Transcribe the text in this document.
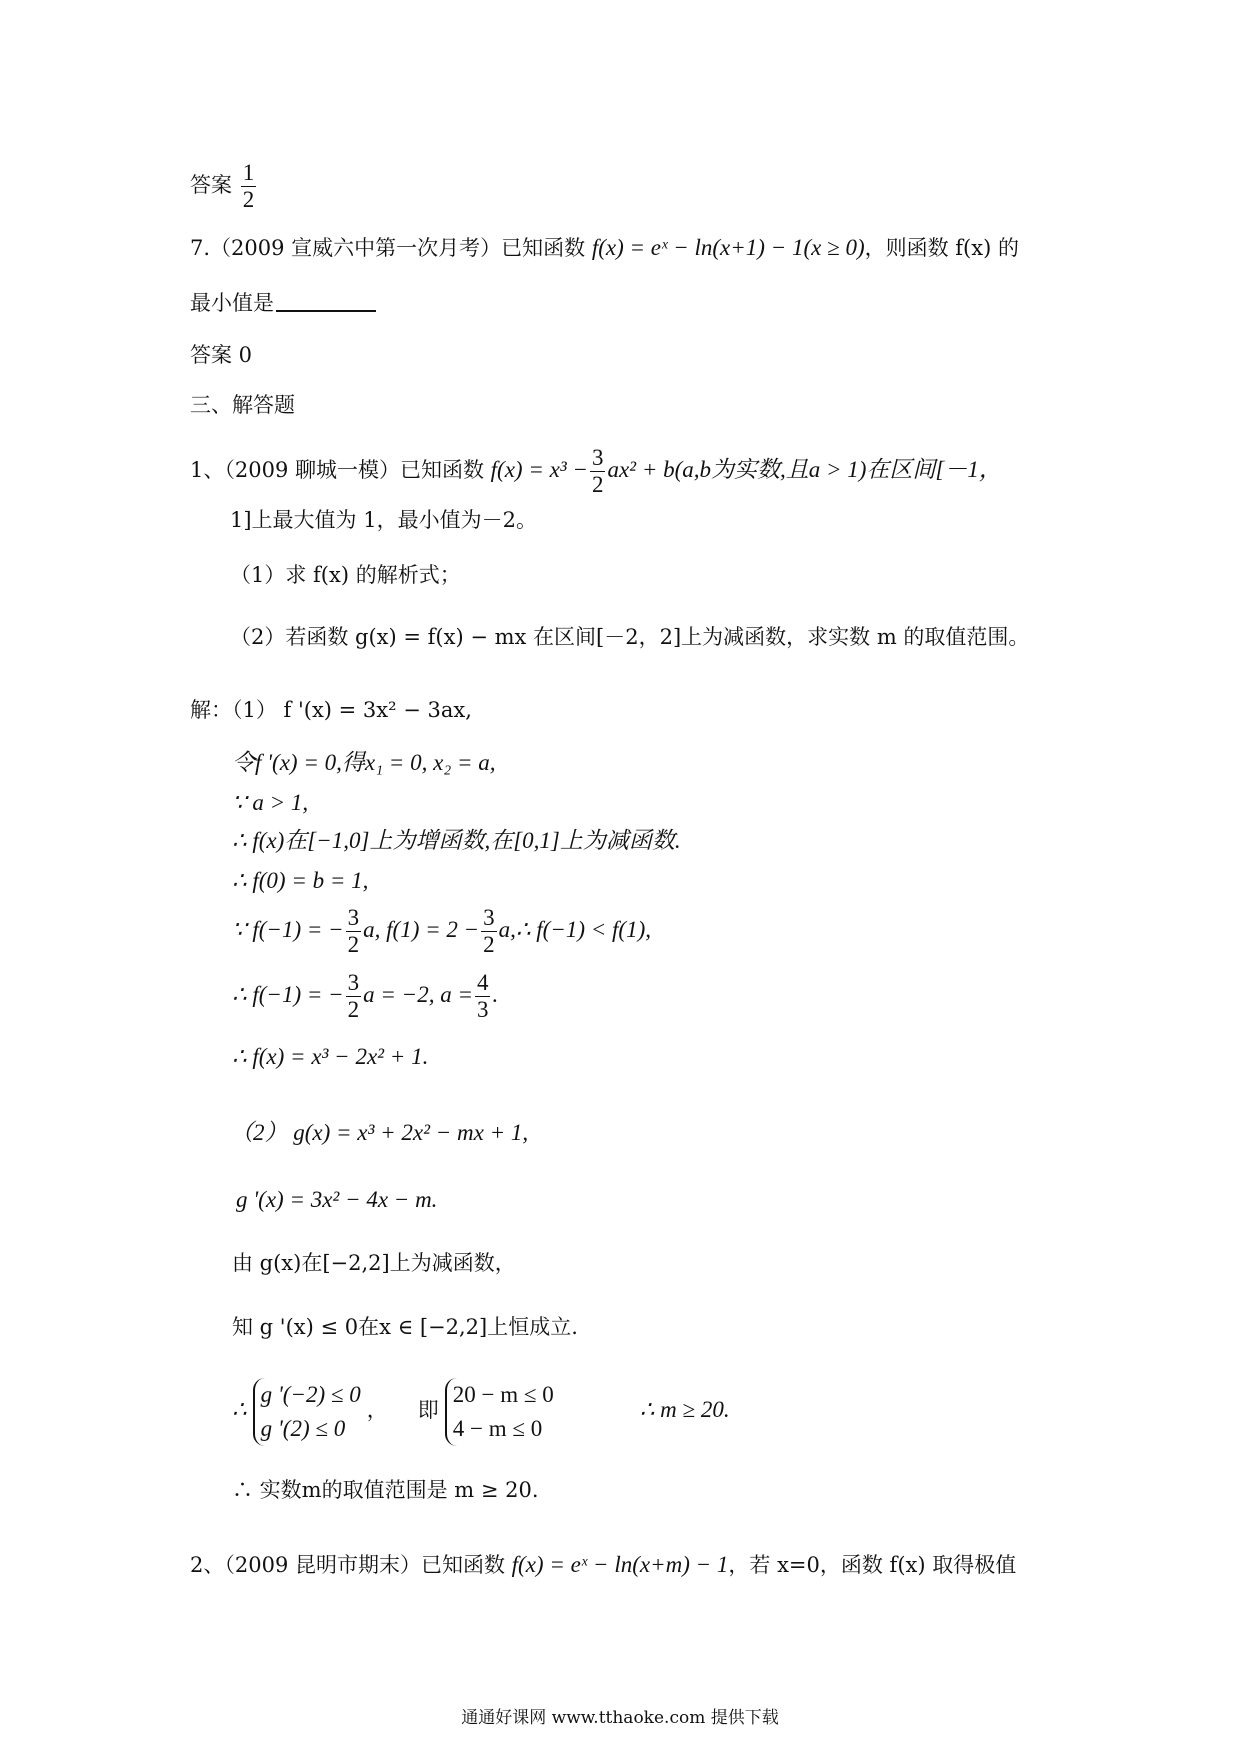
答案 $\frac{1}{2}$
7.（2009 宣威六中第一次月考）已知函数 f(x) = eˣ − ln(x+1) − 1(x ≥ 0)，则函数 f(x) 的
最小值是
答案 0
三、解答题
1、（2009 聊城一模）已知函数 $f(x) = x^3 - \frac{3}{2} ax^2 + b(a,b$为实数,且a > 1)在区间[－1，
1]上最大值为 1，最小值为－2。
（1）求 f(x) 的解析式；
（2）若函数 g(x) = f(x) − mx 在区间[－2，2]上为减函数，求实数 m 的取值范围。
解：（1） f '(x) = 3x² − 3ax,
令f '(x) = 0,得x₁ = 0, x₂ = a,
∵ a > 1,
∴ f(x)在[−1,0]上为增函数,在[0,1]上为减函数.
∴ f(0) = b = 1,
∵ f(−1) = − $\frac{3}{2} a$, $f(1) = 2 - \frac{3}{2}$ a,∴ f(−1) < f(1),
∴ f(−1) = − $\frac{3}{2}$ a = −2, $a = \frac{4}{3}$ .
∴ f(x) = x³ − 2x² + 1.
（2） g(x) = x³ + 2x² − mx + 1,
g '(x) = 3x² − 4x − m.
由 g(x)在[−2,2]上为减函数，
知 g '(x) ≤ 0在x ∈ [−2,2]上恒成立.
∴
g '(−2) ≤ 0
g '(2) ≤ 0
， 即
20 − m ≤ 0
4 − m ≤ 0
∴ m ≥ 20.
∴ 实数m的取值范围是 m ≥ 20.
2、（2009 昆明市期末）已知函数 f(x) = eˣ − ln(x+m) − 1，若 x=0，函数 f(x) 取得极值
通通好课网 www.tthaoke.com 提供下载
